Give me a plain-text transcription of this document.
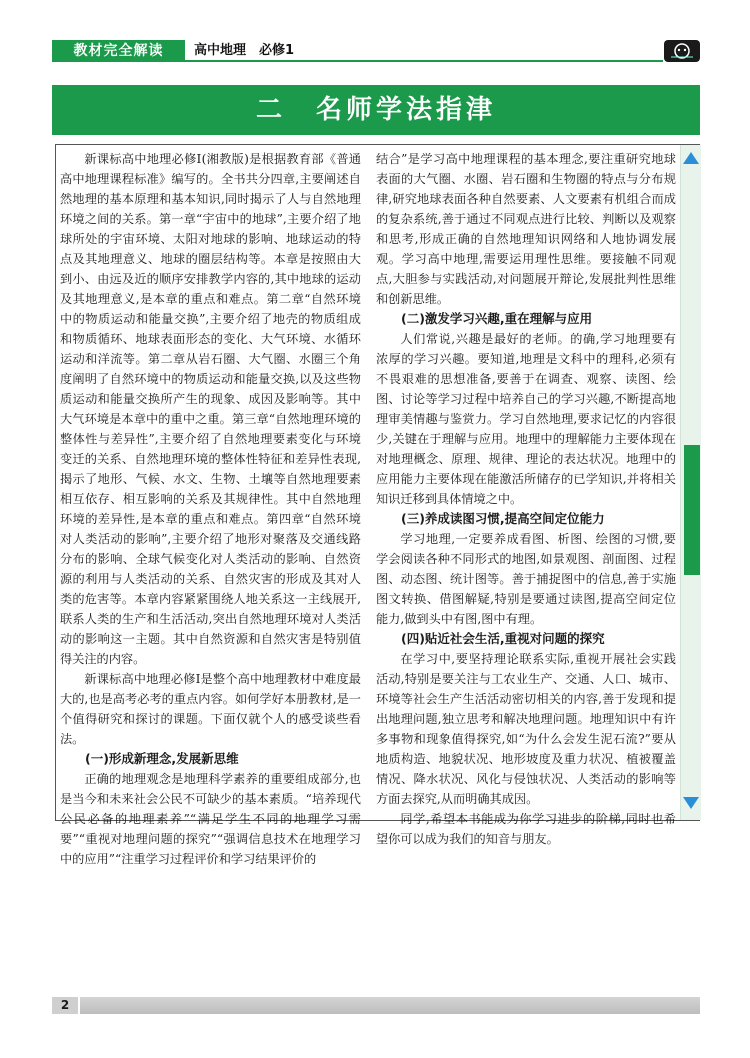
教材完全解读	高中地理　必修1
二　名师学法指津

新课标高中地理必修Ⅰ(湘教版)是根据教育部《普通高中地理课程标准》编写的。全书共分四章,主要阐述自然地理的基本原理和基本知识,同时揭示了人与自然地理环境之间的关系。第一章“宇宙中的地球”,主要介绍了地球所处的宇宙环境、太阳对地球的影响、地球运动的特点及其地理意义、地球的圈层结构等。本章是按照由大到小、由远及近的顺序安排教学内容的,其中地球的运动及其地理意义,是本章的重点和难点。第二章“自然环境中的物质运动和能量交换”,主要介绍了地壳的物质组成和物质循环、地球表面形态的变化、大气环境、水循环运动和洋流等。第二章从岩石圈、大气圈、水圈三个角度阐明了自然环境中的物质运动和能量交换,以及这些物质运动和能量交换所产生的现象、成因及影响等。其中大气环境是本章中的重中之重。第三章“自然地理环境的整体性与差异性”,主要介绍了自然地理要素变化与环境变迁的关系、自然地理环境的整体性特征和差异性表现,揭示了地形、气候、水文、生物、土壤等自然地理要素相互依存、相互影响的关系及其规律性。其中自然地理环境的差异性,是本章的重点和难点。第四章“自然环境对人类活动的影响”,主要介绍了地形对聚落及交通线路分布的影响、全球气候变化对人类活动的影响、自然资源的利用与人类活动的关系、自然灾害的形成及其对人类的危害等。本章内容紧紧围绕人地关系这一主线展开,联系人类的生产和生活活动,突出自然地理环境对人类活动的影响这一主题。其中自然资源和自然灾害是特别值得关注的内容。

新课标高中地理必修Ⅰ是整个高中地理教材中难度最大的,也是高考必考的重点内容。如何学好本册教材,是一个值得研究和探讨的课题。下面仅就个人的感受谈些看法。

(一)形成新理念,发展新思维

正确的地理观念是地理科学素养的重要组成部分,也是当今和未来社会公民不可缺少的基本素质。“培养现代公民必备的地理素养”“满足学生不同的地理学习需要”“重视对地理问题的探究”“强调信息技术在地理学习中的应用”“注重学习过程评价和学习结果评价的

结合”是学习高中地理课程的基本理念,要注重研究地球表面的大气圈、水圈、岩石圈和生物圈的特点与分布规律,研究地球表面各种自然要素、人文要素有机组合而成的复杂系统,善于通过不同观点进行比较、判断以及观察和思考,形成正确的自然地理知识网络和人地协调发展观。学习高中地理,需要运用理性思维。要接触不同观点,大胆参与实践活动,对问题展开辩论,发展批判性思维和创新思维。

(二)激发学习兴趣,重在理解与应用

人们常说,兴趣是最好的老师。的确,学习地理要有浓厚的学习兴趣。要知道,地理是文科中的理科,必须有不畏艰难的思想准备,要善于在调查、观察、读图、绘图、讨论等学习过程中培养自己的学习兴趣,不断提高地理审美情趣与鉴赏力。学习自然地理,要求记忆的内容很少,关键在于理解与应用。地理中的理解能力主要体现在对地理概念、原理、规律、理论的表达状况。地理中的应用能力主要体现在能激活所储存的已学知识,并将相关知识迁移到具体情境之中。

(三)养成读图习惯,提高空间定位能力

学习地理,一定要养成看图、析图、绘图的习惯,要学会阅读各种不同形式的地图,如景观图、剖面图、过程图、动态图、统计图等。善于捕捉图中的信息,善于实施图文转换、借图解疑,特别是要通过读图,提高空间定位能力,做到头中有图,图中有理。

(四)贴近社会生活,重视对问题的探究

在学习中,要坚持理论联系实际,重视开展社会实践活动,特别是要关注与工农业生产、交通、人口、城市、环境等社会生产生活活动密切相关的内容,善于发现和提出地理问题,独立思考和解决地理问题。地理知识中有许多事物和现象值得探究,如“为什么会发生泥石流?”要从地质构造、地貌状况、地形坡度及重力状况、植被覆盖情况、降水状况、风化与侵蚀状况、人类活动的影响等方面去探究,从而明确其成因。

同学,希望本书能成为你学习进步的阶梯,同时也希望你可以成为我们的知音与朋友。

2
